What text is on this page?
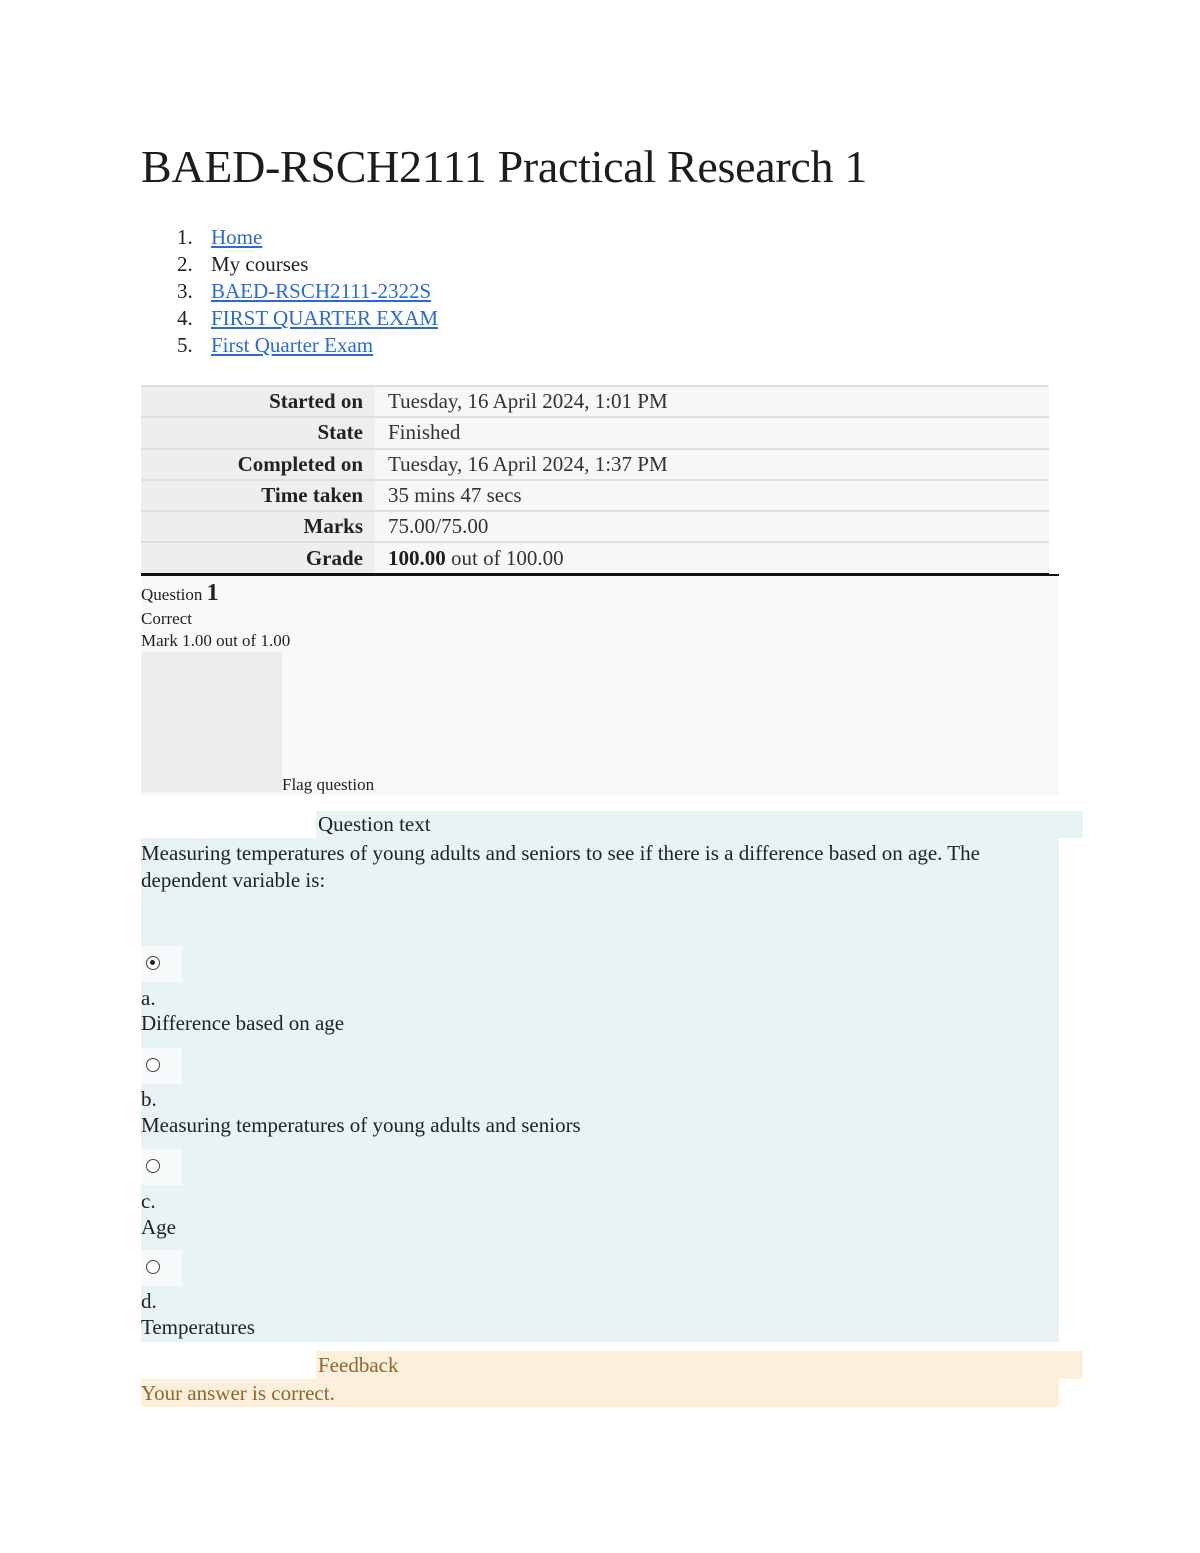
BAED-RSCH2111 Practical Research 1
1. Home
2. My courses
3. BAED-RSCH2111-2322S
4. FIRST QUARTER EXAM
5. First Quarter Exam
Started on	Tuesday, 16 April 2024, 1:01 PM
State	Finished
Completed on	Tuesday, 16 April 2024, 1:37 PM
Time taken	35 mins 47 secs
Marks	75.00/75.00
Grade	100.00 out of 100.00
Question 1
Correct
Mark 1.00 out of 1.00
Flag question
Question text
Measuring temperatures of young adults and seniors to see if there is a difference based on age. The dependent variable is:
a.
Difference based on age
b.
Measuring temperatures of young adults and seniors
c.
Age
d.
Temperatures
Feedback
Your answer is correct.
